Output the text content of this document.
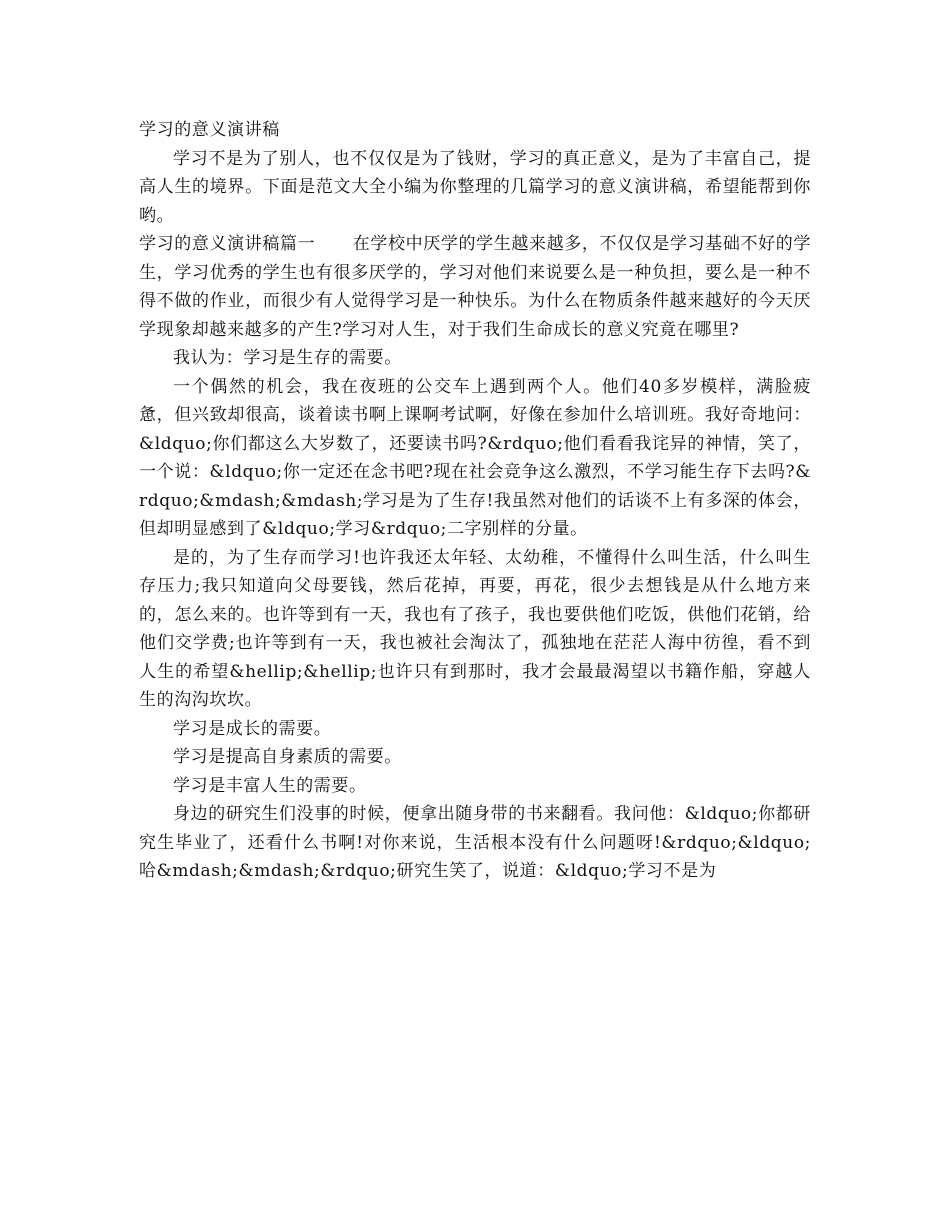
学习的意义演讲稿

学习不是为了别人，也不仅仅是为了钱财，学习的真正意义，是为了丰富自己，提高人生的境界。下面是范文大全小编为你整理的几篇学习的意义演讲稿，希望能帮到你哟。

学习的意义演讲稿篇一 在学校中厌学的学生越来越多，不仅仅是学习基础不好的学生，学习优秀的学生也有很多厌学的，学习对他们来说要么是一种负担，要么是一种不得不做的作业，而很少有人觉得学习是一种快乐。为什么在物质条件越来越好的今天厌学现象却越来越多的产生?学习对人生，对于我们生命成长的意义究竟在哪里?

我认为：学习是生存的需要。

一个偶然的机会，我在夜班的公交车上遇到两个人。他们40多岁模样，满脸疲惫，但兴致却很高，谈着读书啊上课啊考试啊，好像在参加什么培训班。我好奇地问：&ldquo;你们都这么大岁数了，还要读书吗?&rdquo;他们看看我诧异的神情，笑了，一个说：&ldquo;你一定还在念书吧?现在社会竞争这么激烈，不学习能生存下去吗?&rdquo;&mdash;&mdash;学习是为了生存!我虽然对他们的话谈不上有多深的体会，但却明显感到了&ldquo;学习&rdquo;二字别样的分量。

是的，为了生存而学习!也许我还太年轻、太幼稚，不懂得什么叫生活，什么叫生存压力;我只知道向父母要钱，然后花掉，再要，再花，很少去想钱是从什么地方来的，怎么来的。也许等到有一天，我也有了孩子，我也要供他们吃饭，供他们花销，给他们交学费;也许等到有一天，我也被社会淘汰了，孤独地在茫茫人海中彷徨，看不到人生的希望&hellip;&hellip;也许只有到那时，我才会最最渴望以书籍作船，穿越人生的沟沟坎坎。

学习是成长的需要。

学习是提高自身素质的需要。

学习是丰富人生的需要。

身边的研究生们没事的时候，便拿出随身带的书来翻看。我问他：&ldquo;你都研究生毕业了，还看什么书啊!对你来说，生活根本没有什么问题呀!&rdquo;&ldquo;哈&mdash;&mdash;&rdquo;研究生笑了，说道：&ldquo;学习不是为
